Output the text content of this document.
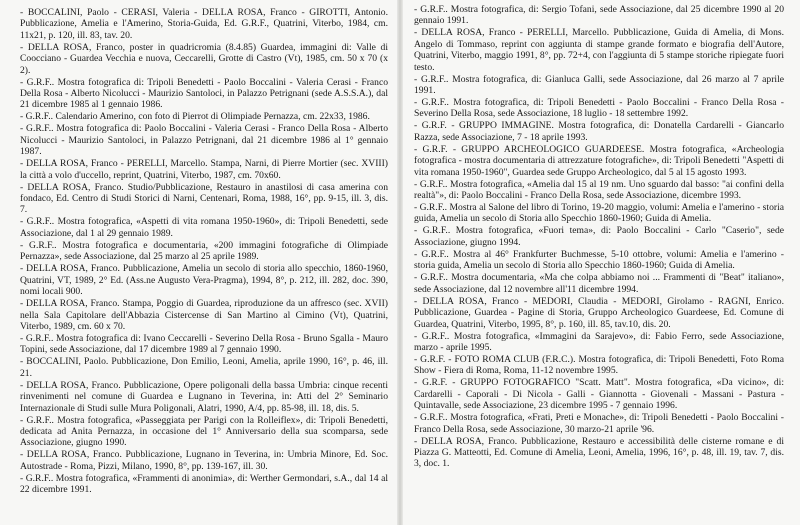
- BOCCALINI, Paolo - CERASI, Valeria - DELLA ROSA, Franco - GIROTTI, Antonio. Pubblicazione, Amelia e l'Amerino, Storia-Guida, Ed. G.R.F., Quatrini, Viterbo, 1984, cm. 11x21, p. 120, ill. 83, tav. 20.

- DELLA ROSA, Franco, poster in quadricromia (8.4.85) Guardea, immagini di: Valle di Coocciano - Guardea Vecchia e nuova, Ceccarelli, Grotte di Castro (Vt), 1985, cm. 50 x 70 (x 2).

- G.R.F.. Mostra fotografica di: Tripoli Benedetti - Paolo Boccalini - Valeria Cerasi - Franco Della Rosa - Alberto Nicolucci - Maurizio Santoloci, in Palazzo Petrignani (sede A.S.S.A.), dal 21 dicembre 1985 al 1 gennaio 1986.

- G.R.F.. Calendario Amerino, con foto di Pierrot di Olimpiade Pernazza, cm. 22x33, 1986.

- G.R.F.. Mostra fotografica di: Paolo Boccalini - Valeria Cerasi - Franco Della Rosa - Alberto Nicolucci - Maurizio Santoloci, in Palazzo Petrignani, dal 21 dicembre 1986 al 1° gennaio 1987.

- DELLA ROSA, Franco - PERELLI, Marcello. Stampa, Narni, di Pierre Mortier (sec. XVIII) la città a volo d'uccello, reprint, Quatrini, Viterbo, 1987, cm. 70x60.

- DELLA ROSA, Franco. Studio/Pubblicazione, Restauro in anastilosi di casa amerina con fondaco, Ed. Centro di Studi Storici di Narni, Centenari, Roma, 1988, 16°, pp. 9-15, ill. 3, dis. 7.

- G.R.F.. Mostra fotografica, «Aspetti di vita romana 1950-1960», di: Tripoli Benedetti, sede Associazione, dal 1 al 29 gennaio 1989.

- G.R.F.. Mostra fotografica e documentaria, «200 immagini fotografiche di Olimpiade Pernazza», sede Associazione, dal 25 marzo al 25 aprile 1989.

- DELLA ROSA, Franco. Pubblicazione, Amelia un secolo di storia allo specchio, 1860-1960, Quatrini, VT, 1989, 2° Ed. (Ass.ne Augusto Vera-Pragma), 1994, 8°, p. 212, ill. 282, doc. 390, nomi locali 900.

- DELLA ROSA, Franco. Stampa, Poggio di Guardea, riproduzione da un affresco (sec. XVII) nella Sala Capitolare dell'Abbazia Cistercense di San Martino al Cimino (Vt), Quatrini, Viterbo, 1989, cm. 60 x 70.

- G.R.F.. Mostra fotografica di: Ivano Ceccarelli - Severino Della Rosa - Bruno Sgalla - Mauro Topini, sede Associazione, dal 17 dicembre 1989 al 7 gennaio 1990.

- BOCCALINI, Paolo. Pubblicazione, Don Emilio, Leoni, Amelia, aprile 1990, 16°, p. 46, ill. 21.

- DELLA ROSA, Franco. Pubblicazione, Opere poligonali della bassa Umbria: cinque recenti rinvenimenti nel comune di Guardea e Lugnano in Teverina, in: Atti del 2° Seminario Internazionale di Studi sulle Mura Poligonali, Alatri, 1990, A/4, pp. 85-98, ill. 18, dis. 5.

- G.R.F.. Mostra fotografica, «Passeggiata per Parigi con la Rolleiflex», di: Tripoli Benedetti, dedicata ad Anita Pernazza, in occasione del 1° Anniversario della sua scomparsa, sede Associazione, giugno 1990.

- DELLA ROSA, Franco. Pubblicazione, Lugnano in Teverina, in: Umbria Minore, Ed. Soc. Autostrade - Roma, Pizzi, Milano, 1990, 8°, pp. 139-167, ill. 30.

- G.R.F.. Mostra fotografica, «Frammenti di anonimia», di: Werther Germondari, s.A., dal 14 al 22 dicembre 1991.

- G.R.F.. Mostra fotografica, di: Sergio Tofani, sede Associazione, dal 25 dicembre 1990 al 20 gennaio 1991.

- DELLA ROSA, Franco - PERELLI, Marcello. Pubblicazione, Guida di Amelia, di Mons. Angelo di Tommaso, reprint con aggiunta di stampe grande formato e biografia dell'Autore, Quatrini, Viterbo, maggio 1991, 8°, pp. 72+4, con l'aggiunta di 5 stampe storiche ripiegate fuori testo.

- G.R.F.. Mostra fotografica, di: Gianluca Galli, sede Associazione, dal 26 marzo al 7 aprile 1991.

- G.R.F.. Mostra fotografica, di: Tripoli Benedetti - Paolo Boccalini - Franco Della Rosa - Severino Della Rosa, sede Associazione, 18 luglio - 18 settembre 1992.

- G.R.F. - GRUPPO IMMAGINE. Mostra fotografica, di: Donatella Cardarelli - Giancarlo Razza, sede Associazione, 7 - 18 aprile 1993.

- G.R.F. - GRUPPO ARCHEOLOGICO GUARDEESE. Mostra fotografica, «Archeologia fotografica - mostra documentaria di attrezzature fotografiche», di: Tripoli Benedetti "Aspetti di vita romana 1950-1960", Guardea sede Gruppo Archeologico, dal 5 al 15 agosto 1993.

- G.R.F.. Mostra fotografica, «Amelia dal 15 al 19 nm. Uno sguardo dal basso: "ai confini della realtà"», di: Paolo Boccalini - Franco Della Rosa, sede Associazione, dicembre 1993.

- G.R.F.. Mostra al Salone del libro di Torino, 19-20 maggio, volumi: Amelia e l'amerino - storia guida, Amelia un secolo di Storia allo Specchio 1860-1960; Guida di Amelia.

- G.R.F.. Mostra fotografica, «Fuori tema», di: Paolo Boccalini - Carlo "Caserio", sede Associazione, giugno 1994.

- G.R.F.. Mostra al 46° Frankfurter Buchmesse, 5-10 ottobre, volumi: Amelia e l'amerino - storia guida, Amelia un secolo di Storia allo Specchio 1860-1960; Guida di Amelia.

- G.R.F.. Mostra documentaria, «Ma che colpa abbiamo noi ... Frammenti di "Beat" italiano», sede Associazione, dal 12 novembre all'11 dicembre 1994.

- DELLA ROSA, Franco - MEDORI, Claudia - MEDORI, Girolamo - RAGNI, Enrico. Pubblicazione, Guardea - Pagine di Storia, Gruppo Archeologico Guardeese, Ed. Comune di Guardea, Quatrini, Viterbo, 1995, 8°, p. 160, ill. 85, tav.10, dis. 20.

- G.R.F.. Mostra fotografica, «Immagini da Sarajevo», di: Fabio Ferro, sede Associazione, marzo - aprile 1995.

- G.R.F. - FOTO ROMA CLUB (F.R.C.). Mostra fotografica, di: Tripoli Benedetti, Foto Roma Show - Fiera di Roma, Roma, 11-12 novembre 1995.

- G.R.F. - GRUPPO FOTOGRAFICO "Scatt. Matt". Mostra fotografica, «Da vicino», di: Cardarelli - Caporali - Di Nicola - Galli - Giannotta - Giovenali - Massani - Pastura - Quintavalle, sede Associazione, 23 dicembre 1995 - 7 gennaio 1996.

- G.R.F.. Mostra fotografica, «Frati, Preti e Monache», di: Tripoli Benedetti - Paolo Boccalini - Franco Della Rosa, sede Associazione, 30 marzo-21 aprile '96.

- DELLA ROSA, Franco. Pubblicazione, Restauro e accessibilità delle cisterne romane e di Piazza G. Matteotti, Ed. Comune di Amelia, Leoni, Amelia, 1996, 16°, p. 48, ill. 19, tav. 7, dis. 3, doc. 1.
